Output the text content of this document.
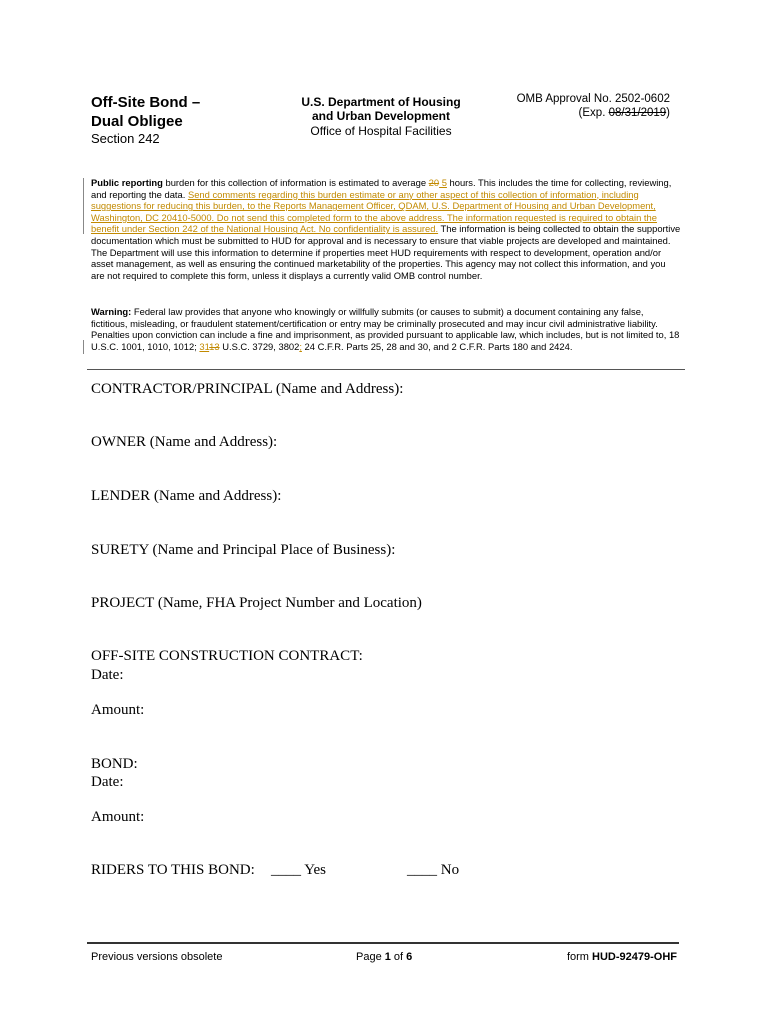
Off-Site Bond –
Dual Obligee
Section 242
U.S. Department of Housing
and Urban Development
Office of Hospital Facilities
OMB Approval No. 2502-0602
(Exp. 08/31/2019)
Public reporting burden for this collection of information is estimated to average 20 5 hours. This includes the time for collecting, reviewing, and reporting the data. Send comments regarding this burden estimate or any other aspect of this collection of information, including suggestions for reducing this burden, to the Reports Management Officer, QDAM, U.S. Department of Housing and Urban Development, Washington, DC 20410-5000. Do not send this completed form to the above address. The information requested is required to obtain the benefit under Section 242 of the National Housing Act. No confidentiality is assured. The information is being collected to obtain the supportive documentation which must be submitted to HUD for approval and is necessary to ensure that viable projects are developed and maintained. The Department will use this information to determine if properties meet HUD requirements with respect to development, operation and/or asset management, as well as ensuring the continued marketability of the properties. This agency may not collect this information, and you are not required to complete this form, unless it displays a currently valid OMB control number.
Warning: Federal law provides that anyone who knowingly or willfully submits (or causes to submit) a document containing any false, fictitious, misleading, or fraudulent statement/certification or entry may be criminally prosecuted and may incur civil administrative liability. Penalties upon conviction can include a fine and imprisonment, as provided pursuant to applicable law, which includes, but is not limited to, 18 U.S.C. 1001, 1010, 1012; 3113 U.S.C. 3729, 3802; 24 C.F.R. Parts 25, 28 and 30, and 2 C.F.R. Parts 180 and 2424.
CONTRACTOR/PRINCIPAL (Name and Address):
OWNER (Name and Address):
LENDER (Name and Address):
SURETY (Name and Principal Place of Business):
PROJECT (Name, FHA Project Number and Location)
OFF-SITE CONSTRUCTION CONTRACT:
Date:
Amount:
BOND:
Date:
Amount:
RIDERS TO THIS BOND: ____ Yes	____ No
Previous versions obsolete	Page 1 of 6	form HUD-92479-OHF
